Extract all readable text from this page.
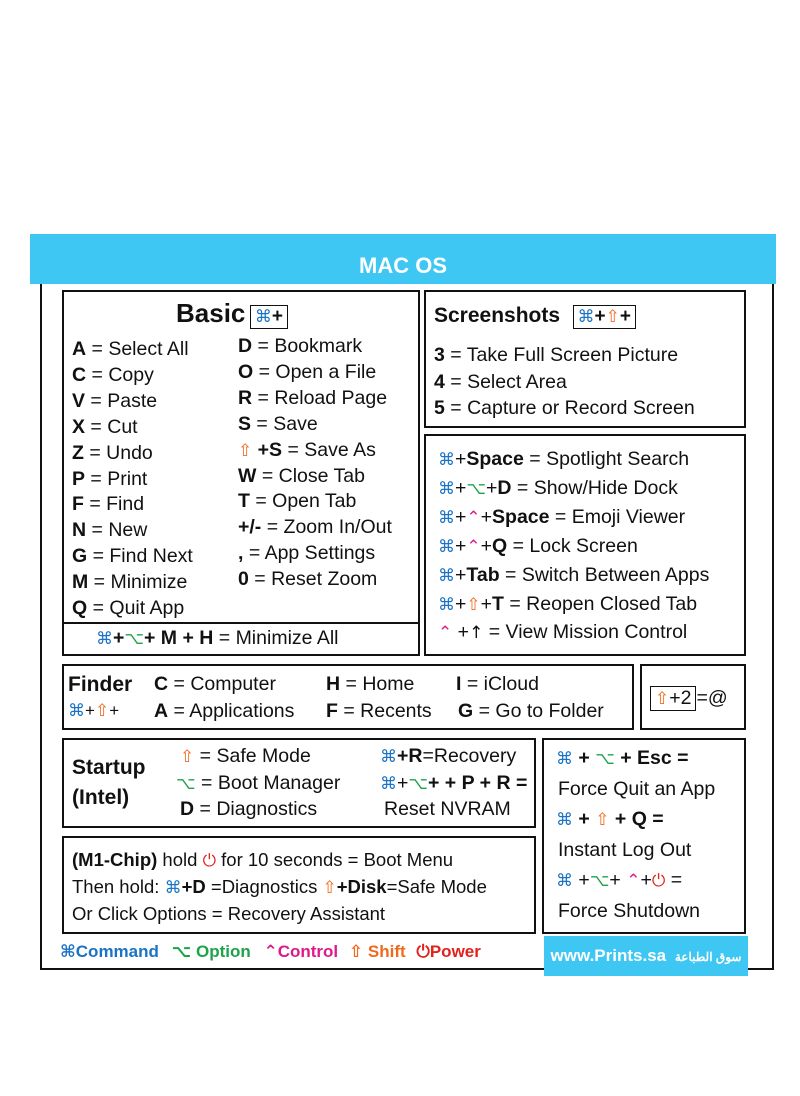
MAC OS
Basic ⌘+
A = Select All
C = Copy
V = Paste
X = Cut
Z = Undo
P = Print
F = Find
N = New
G = Find Next
M = Minimize
Q = Quit App
D = Bookmark
O = Open a File
R = Reload Page
S = Save
⇧ +S = Save As
W = Close Tab
T = Open Tab
+/- = Zoom In/Out
, = App Settings
0 = Reset Zoom
⌘+⌥+ M + H = Minimize All
Screenshots ⌘+⇧+
3 = Take Full Screen Picture
4 = Select Area
5 = Capture or Record Screen
⌘+Space = Spotlight Search
⌘+⌥+D = Show/Hide Dock
⌘+⌃+Space = Emoji Viewer
⌘+⌃+Q = Lock Screen
⌘+Tab = Switch Between Apps
⌘+⇧+T = Reopen Closed Tab
⌃ +↑ = View Mission Control
Finder
⌘+⇧+
C = Computer	H = Home I = iCloud
A = Applications F = Recents G = Go to Folder
⇧+2 =@
Startup
(Intel)
⇧ = Safe Mode
⌥ = Boot Manager
D = Diagnostics
⌘+R=Recovery
⌘+⌥+ + P + R =
Reset NVRAM
(M1-Chip) hold ⏻ for 10 seconds = Boot Menu
Then hold: ⌘+D =Diagnostics ⇧+Disk=Safe Mode
Or Click Options = Recovery Assistant
⌘ + ⌥ + Esc =
Force Quit an App
⌘ + ⇧ + Q =
Instant Log Out
⌘ +⌥+ ⌃+⏻ =
Force Shutdown
⌘Command ⌥ Option ⌃Control ⇧ Shift ⏻Power	www.Prints.sa سوق الطباعة
